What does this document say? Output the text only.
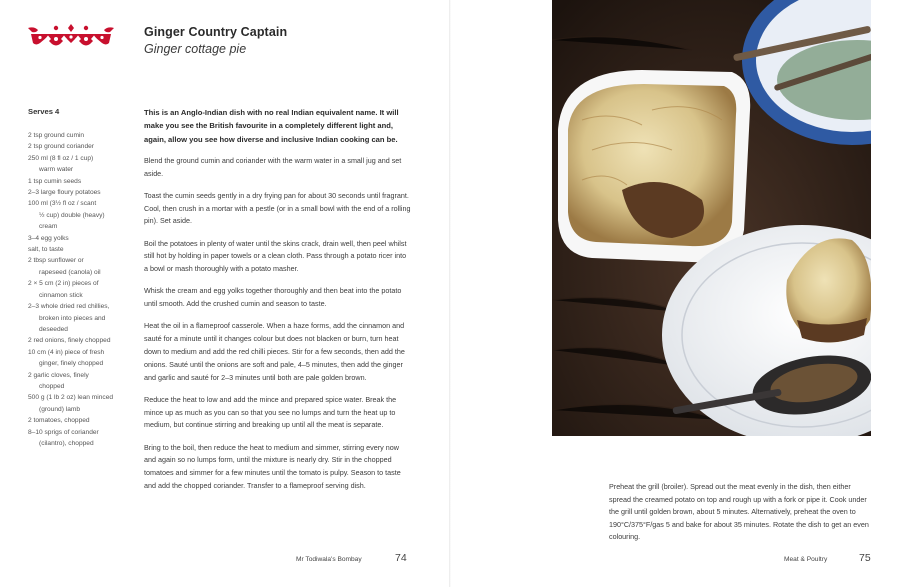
Ginger Country Captain
Ginger cottage pie
Serves 4
2 tsp ground cumin
2 tsp ground coriander
250 ml (8 fl oz / 1 cup)
warm water
1 tsp cumin seeds
2–3 large floury potatoes
100 ml (3½ fl oz / scant
½ cup) double (heavy)
cream
3–4 egg yolks
salt, to taste
2 tbsp sunflower or
rapeseed (canola) oil
2 × 5 cm (2 in) pieces of
cinnamon stick
2–3 whole dried red chillies,
broken into pieces and
deseeded
2 red onions, finely chopped
10 cm (4 in) piece of fresh
ginger, finely chopped
2 garlic cloves, finely
chopped
500 g (1 lb 2 oz) lean minced
(ground) lamb
2 tomatoes, chopped
8–10 sprigs of coriander
(cilantro), chopped

This is an Anglo-Indian dish with no real Indian equivalent name. It will make you see the British favourite in a completely different light and, again, allow you see how diverse and inclusive Indian cooking can be.

Blend the ground cumin and coriander with the warm water in a small jug and set aside.

Toast the cumin seeds gently in a dry frying pan for about 30 seconds until fragrant. Cool, then crush in a mortar with a pestle (or in a small bowl with the end of a rolling pin). Set aside.

Boil the potatoes in plenty of water until the skins crack, drain well, then peel whilst still hot by holding in paper towels or a clean cloth. Pass through a potato ricer into a bowl or mash thoroughly with a potato masher.

Whisk the cream and egg yolks together thoroughly and then beat into the potato until smooth. Add the crushed cumin and season to taste.

Heat the oil in a flameproof casserole. When a haze forms, add the cinnamon and sauté for a minute until it changes colour but does not blacken or burn, turn heat down to medium and add the red chilli pieces. Stir for a few seconds, then add the onions. Sauté until the onions are soft and pale, 4–5 minutes, then add the ginger and garlic and sauté for 2–3 minutes until both are pale golden brown.

Reduce the heat to low and add the mince and prepared spice water. Break the mince up as much as you can so that you see no lumps and turn the heat up to medium, but continue stirring and breaking up until all the meat is separate.

Bring to the boil, then reduce the heat to medium and simmer, stirring every now and again so no lumps form, until the mixture is nearly dry. Stir in the chopped tomatoes and simmer for a few minutes until the tomato is pulpy. Season to taste and add the chopped coriander. Transfer to a flameproof serving dish.

Mr Todiwala's Bombay	74

Preheat the grill (broiler). Spread out the meat evenly in the dish, then either spread the creamed potato on top and rough up with a fork or pipe it. Cook under the grill until golden brown, about 5 minutes. Alternatively, preheat the oven to 190°C/375°F/gas 5 and bake for about 35 minutes. Rotate the dish to get an even colouring.

Meat & Poultry	75
